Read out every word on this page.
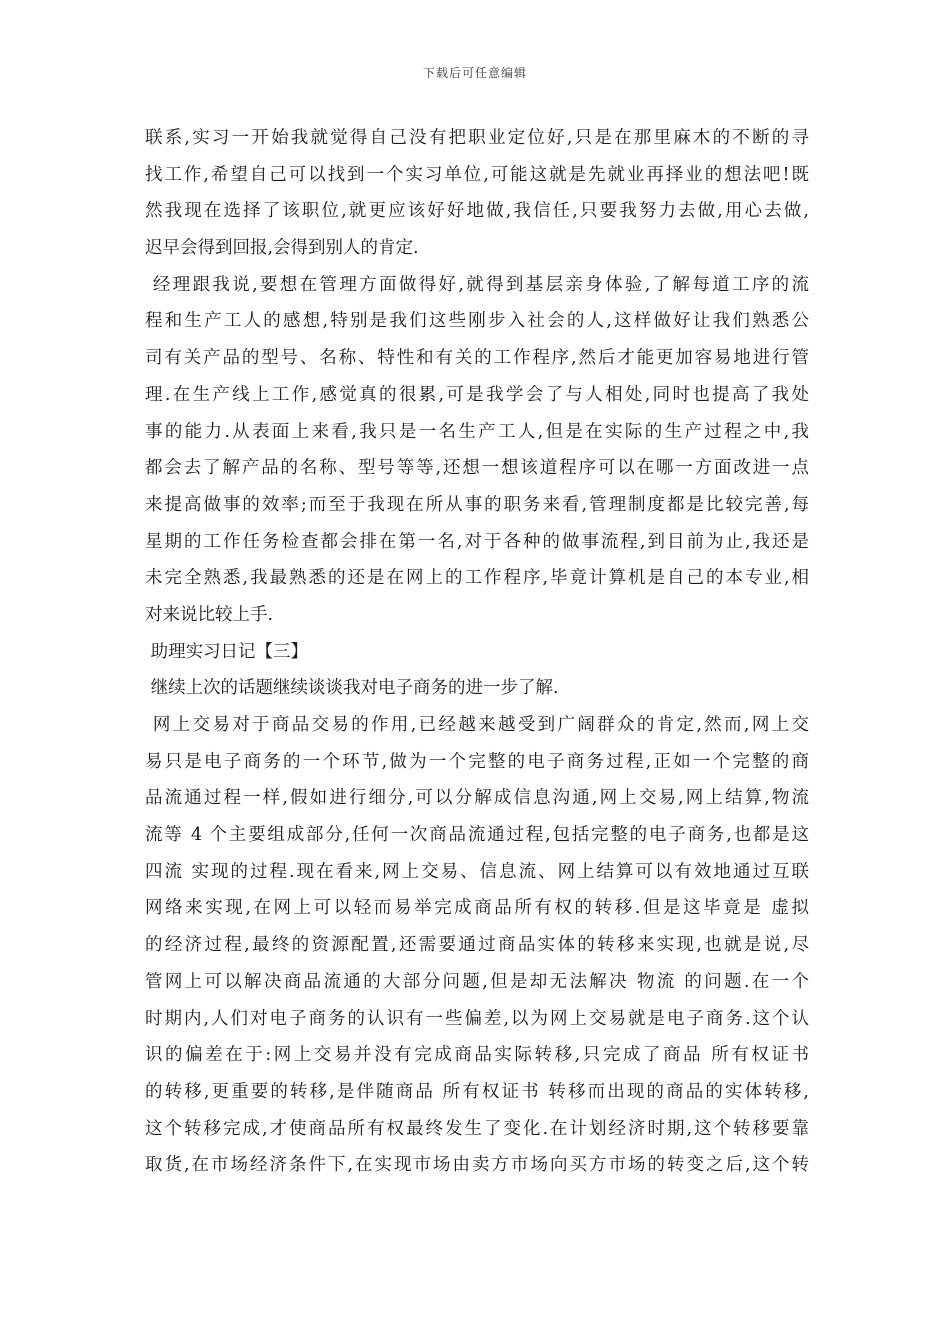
下载后可任意编辑
联系,实习一开始我就觉得自己没有把职业定位好,只是在那里麻木的不断的寻
找工作,希望自己可以找到一个实习单位,可能这就是先就业再择业的想法吧!既
然我现在选择了该职位,就更应该好好地做,我信任,只要我努力去做,用心去做,
迟早会得到回报,会得到别人的肯定.
经理跟我说,要想在管理方面做得好,就得到基层亲身体验,了解每道工序的流
程和生产工人的感想,特别是我们这些刚步入社会的人,这样做好让我们熟悉公
司有关产品的型号、名称、特性和有关的工作程序,然后才能更加容易地进行管
理.在生产线上工作,感觉真的很累,可是我学会了与人相处,同时也提高了我处
事的能力.从表面上来看,我只是一名生产工人,但是在实际的生产过程之中,我
都会去了解产品的名称、型号等等,还想一想该道程序可以在哪一方面改进一点
来提高做事的效率;而至于我现在所从事的职务来看,管理制度都是比较完善,每
星期的工作任务检查都会排在第一名,对于各种的做事流程,到目前为止,我还是
未完全熟悉,我最熟悉的还是在网上的工作程序,毕竟计算机是自己的本专业,相
对来说比较上手.
助理实习日记【三】
继续上次的话题继续谈谈我对电子商务的进一步了解.
网上交易对于商品交易的作用,已经越来越受到广阔群众的肯定,然而,网上交
易只是电子商务的一个环节,做为一个完整的电子商务过程,正如一个完整的商
品流通过程一样,假如进行细分,可以分解成信息沟通,网上交易,网上结算,物流
流等 4 个主要组成部分,任何一次商品流通过程,包括完整的电子商务,也都是这
四流 实现的过程.现在看来,网上交易、信息流、网上结算可以有效地通过互联
网络来实现,在网上可以轻而易举完成商品所有权的转移.但是这毕竟是 虚拟
的经济过程,最终的资源配置,还需要通过商品实体的转移来实现,也就是说,尽
管网上可以解决商品流通的大部分问题,但是却无法解决 物流 的问题.在一个
时期内,人们对电子商务的认识有一些偏差,以为网上交易就是电子商务.这个认
识的偏差在于:网上交易并没有完成商品实际转移,只完成了商品 所有权证书
的转移,更重要的转移,是伴随商品 所有权证书 转移而出现的商品的实体转移,
这个转移完成,才使商品所有权最终发生了变化.在计划经济时期,这个转移要靠
取货,在市场经济条件下,在实现市场由卖方市场向买方市场的转变之后,这个转
